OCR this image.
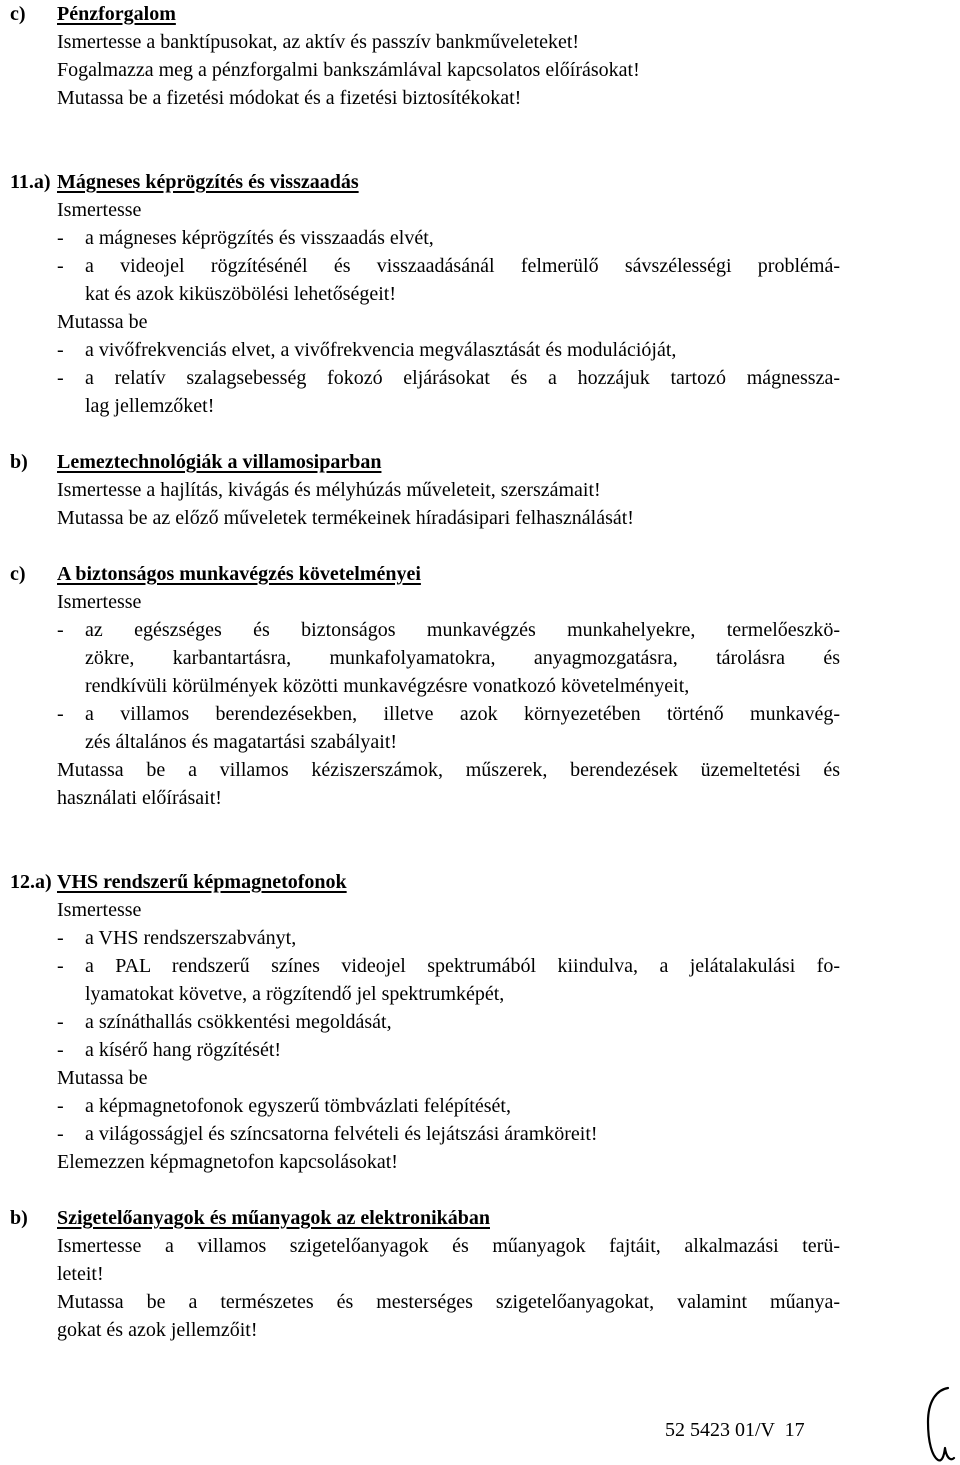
c) Pénzforgalom
Ismertesse a banktípusokat, az aktív és passzív bankműveleteket!
Fogalmazza meg a pénzforgalmi bankszámlával kapcsolatos előírásokat!
Mutassa be a fizetési módokat és a fizetési biztosítékokat!
11.a) Mágneses képrögzítés és visszaadás
Ismertesse
- a mágneses képrögzítés és visszaadás elvét,
- a videojel rögzítésénél és visszaadásánál felmerülő sávszélességi problémá-
kat és azok kiküszöbölési lehetőségeit!
Mutassa be
- a vivőfrekvenciás elvet, a vivőfrekvencia megválasztását és modulációját,
- a relatív szalagsebesség fokozó eljárásokat és a hozzájuk tartozó mágnessza-
lag jellemzőket!
b) Lemeztechnológiák a villamosiparban
Ismertesse a hajlítás, kivágás és mélyhúzás műveleteit, szerszámait!
Mutassa be az előző műveletek termékeinek híradásipari felhasználását!
c) A biztonságos munkavégzés követelményei
Ismertesse
- az egészséges és biztonságos munkavégzés munkahelyekre, termelőeszkö-
zökre, karbantartásra, munkafolyamatokra, anyagmozgatásra, tárolásra és
rendkívüli körülmények közötti munkavégzésre vonatkozó követelményeit,
- a villamos berendezésekben, illetve azok környezetében történő munkavég-
zés általános és magatartási szabályait!
Mutassa be a villamos kéziszerszámok, műszerek, berendezések üzemeltetési és
használati előírásait!
12.a) VHS rendszerű képmagnetofonok
Ismertesse
- a VHS rendszerszabványt,
- a PAL rendszerű színes videojel spektrumából kiindulva, a jelátalakulási fo-
lyamatokat követve, a rögzítendő jel spektrumképét,
- a színáthallás csökkentési megoldását,
- a kísérő hang rögzítését!
Mutassa be
- a képmagnetofonok egyszerű tömbvázlati felépítését,
- a világosságjel és színcsatorna felvételi és lejátszási áramköreit!
Elemezzen képmagnetofon kapcsolásokat!
b) Szigetelőanyagok és műanyagok az elektronikában
Ismertesse a villamos szigetelőanyagok és műanyagok fajtáit, alkalmazási terü-
leteit!
Mutassa be a természetes és mesterséges szigetelőanyagokat, valamint műanya-
gokat és azok jellemzőit!
52 5423 01/V  17
